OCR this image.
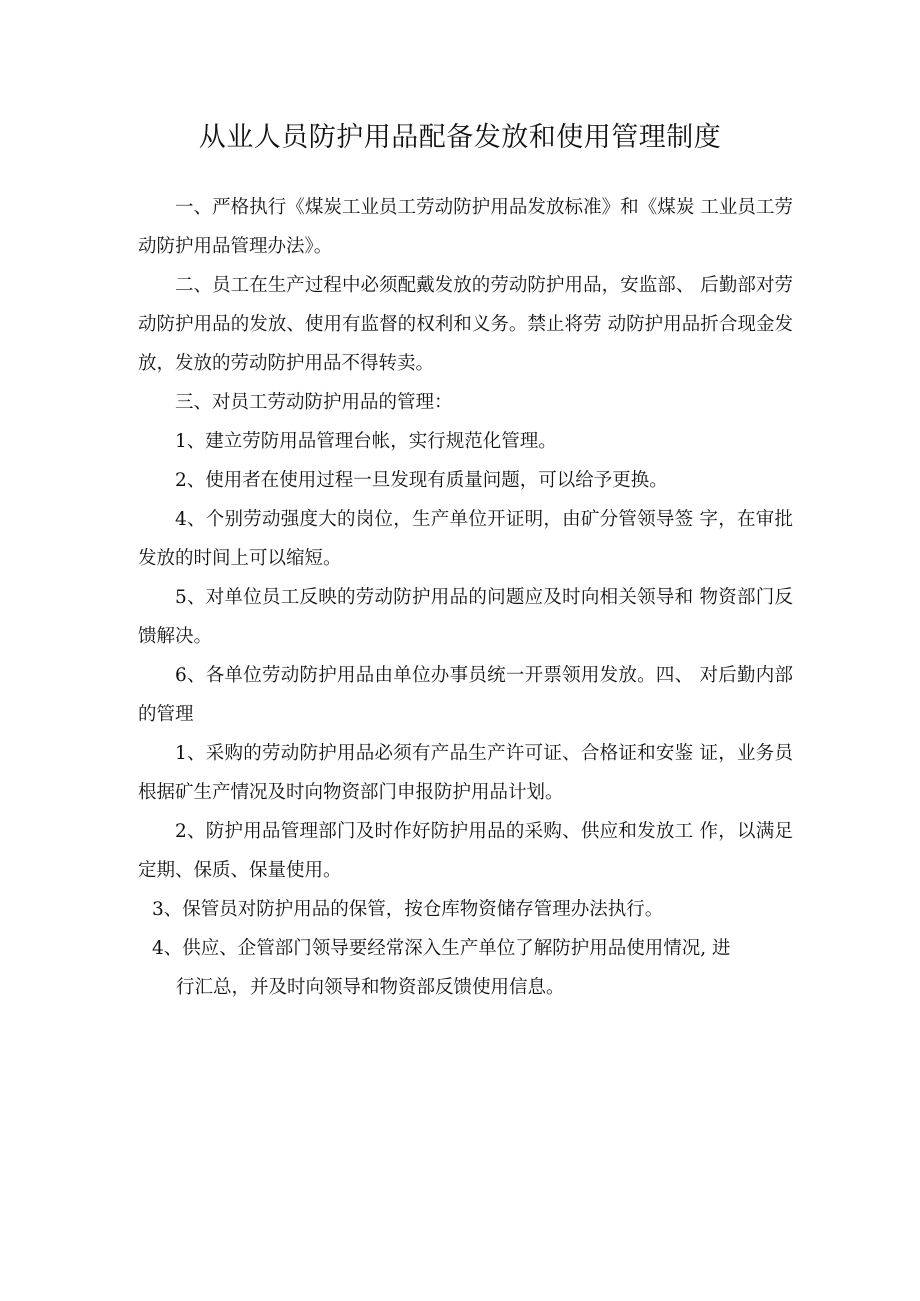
从业人员防护用品配备发放和使用管理制度

一、严格执行《煤炭工业员工劳动防护用品发放标准》和《煤炭 工业员工劳动防护用品管理办法》。

二、员工在生产过程中必须配戴发放的劳动防护用品，安监部、 后勤部对劳动防护用品的发放、使用有监督的权利和义务。禁止将劳 动防护用品折合现金发放，发放的劳动防护用品不得转卖。

三、对员工劳动防护用品的管理：

1、建立劳防用品管理台帐，实行规范化管理。

2、使用者在使用过程一旦发现有质量问题，可以给予更换。

4、个别劳动强度大的岗位，生产单位开证明，由矿分管领导签 字，在审批发放的时间上可以缩短。

5、对单位员工反映的劳动防护用品的问题应及时向相关领导和 物资部门反馈解决。

6、各单位劳动防护用品由单位办事员统一开票领用发放。四、 对后勤内部的管理

1、采购的劳动防护用品必须有产品生产许可证、合格证和安鉴 证，业务员根据矿生产情况及时向物资部门申报防护用品计划。

2、防护用品管理部门及时作好防护用品的采购、供应和发放工 作，以满足定期、保质、保量使用。

3、保管员对防护用品的保管，按仓库物资储存管理办法执行。

4、供应、企管部门领导要经常深入生产单位了解防护用品使用情况, 进
行汇总，并及时向领导和物资部反馈使用信息。
